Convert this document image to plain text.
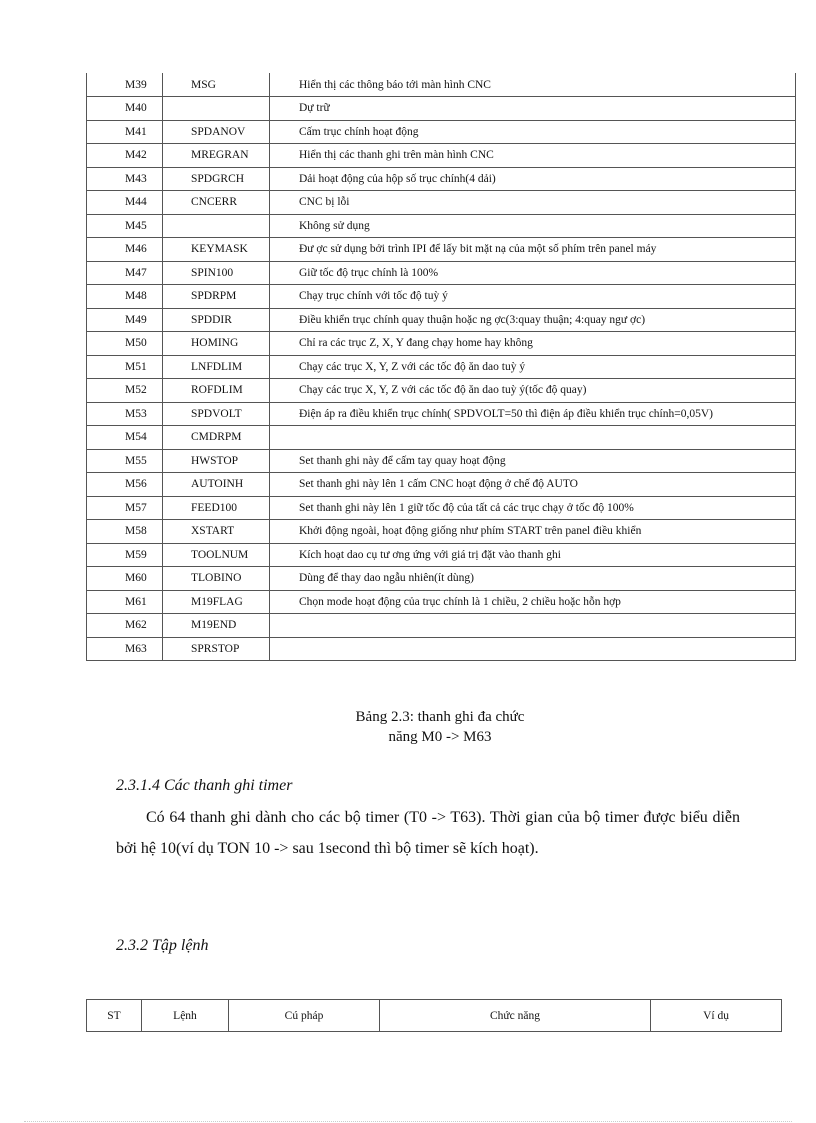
M39	MSG	Hiển thị các thông báo tới màn hình CNC
M40		Dự trữ
M41	SPDANOV	Cấm trục chính hoạt động
M42	MREGRAN	Hiển thị các thanh ghi trên màn hình CNC
M43	SPDGRCH	Dải hoạt động của hộp số trục chính(4 dải)
M44	CNCERR	CNC bị lỗi
M45		Không sử dụng
M46	KEYMASK	Đư ợc sử dụng bởi trình IPI để lấy bit mặt nạ của một số phím trên panel máy
M47	SPIN100	Giữ tốc độ trục chính là 100%
M48	SPDRPM	Chạy trục chính với tốc độ tuỳ ý
M49	SPDDIR	Điều khiển trục chính quay thuận hoặc ng ợc(3:quay thuận; 4:quay ngư ợc)
M50	HOMING	Chỉ ra các trục Z, X, Y đang chạy home hay không
M51	LNFDLIM	Chạy các trục X, Y, Z với các tốc độ ăn dao tuỳ ý
M52	ROFDLIM	Chạy các trục X, Y, Z với các tốc độ ăn dao tuỳ ý(tốc độ quay)
M53	SPDVOLT	Điện áp ra điều khiển trục chính( SPDVOLT=50 thì điện áp điều khiển trục chính=0,05V)
M54	CMDRPM	
M55	HWSTOP	Set thanh ghi này để cấm tay quay hoạt động
M56	AUTOINH	Set thanh ghi này lên 1 cấm CNC hoạt động ở chế độ AUTO
M57	FEED100	Set thanh ghi này lên 1 giữ tốc độ của tất cả các trục chạy ở tốc độ 100%
M58	XSTART	Khởi động ngoài, hoạt động giống như phím START trên panel điều khiển
M59	TOOLNUM	Kích hoạt dao cụ tư ơng ứng với giá trị đặt vào thanh ghi
M60	TLOBINO	Dùng để thay dao ngẫu nhiên(ít dùng)
M61	M19FLAG	Chọn mode hoạt động của trục chính là 1 chiều, 2 chiều hoặc hỗn hợp
M62	M19END	
M63	SPRSTOP	
Bảng 2.3: thanh ghi đa chức
năng M0 -> M63
2.3.1.4 Các thanh ghi timer

Có 64 thanh ghi dành cho các bộ timer (T0 -> T63). Thời gian của bộ timer được biểu diễn bởi hệ 10(ví dụ TON 10 -> sau 1second thì bộ timer sẽ kích hoạt).

2.3.2 Tập lệnh
ST	Lệnh	Cú pháp	Chức năng	Ví dụ
